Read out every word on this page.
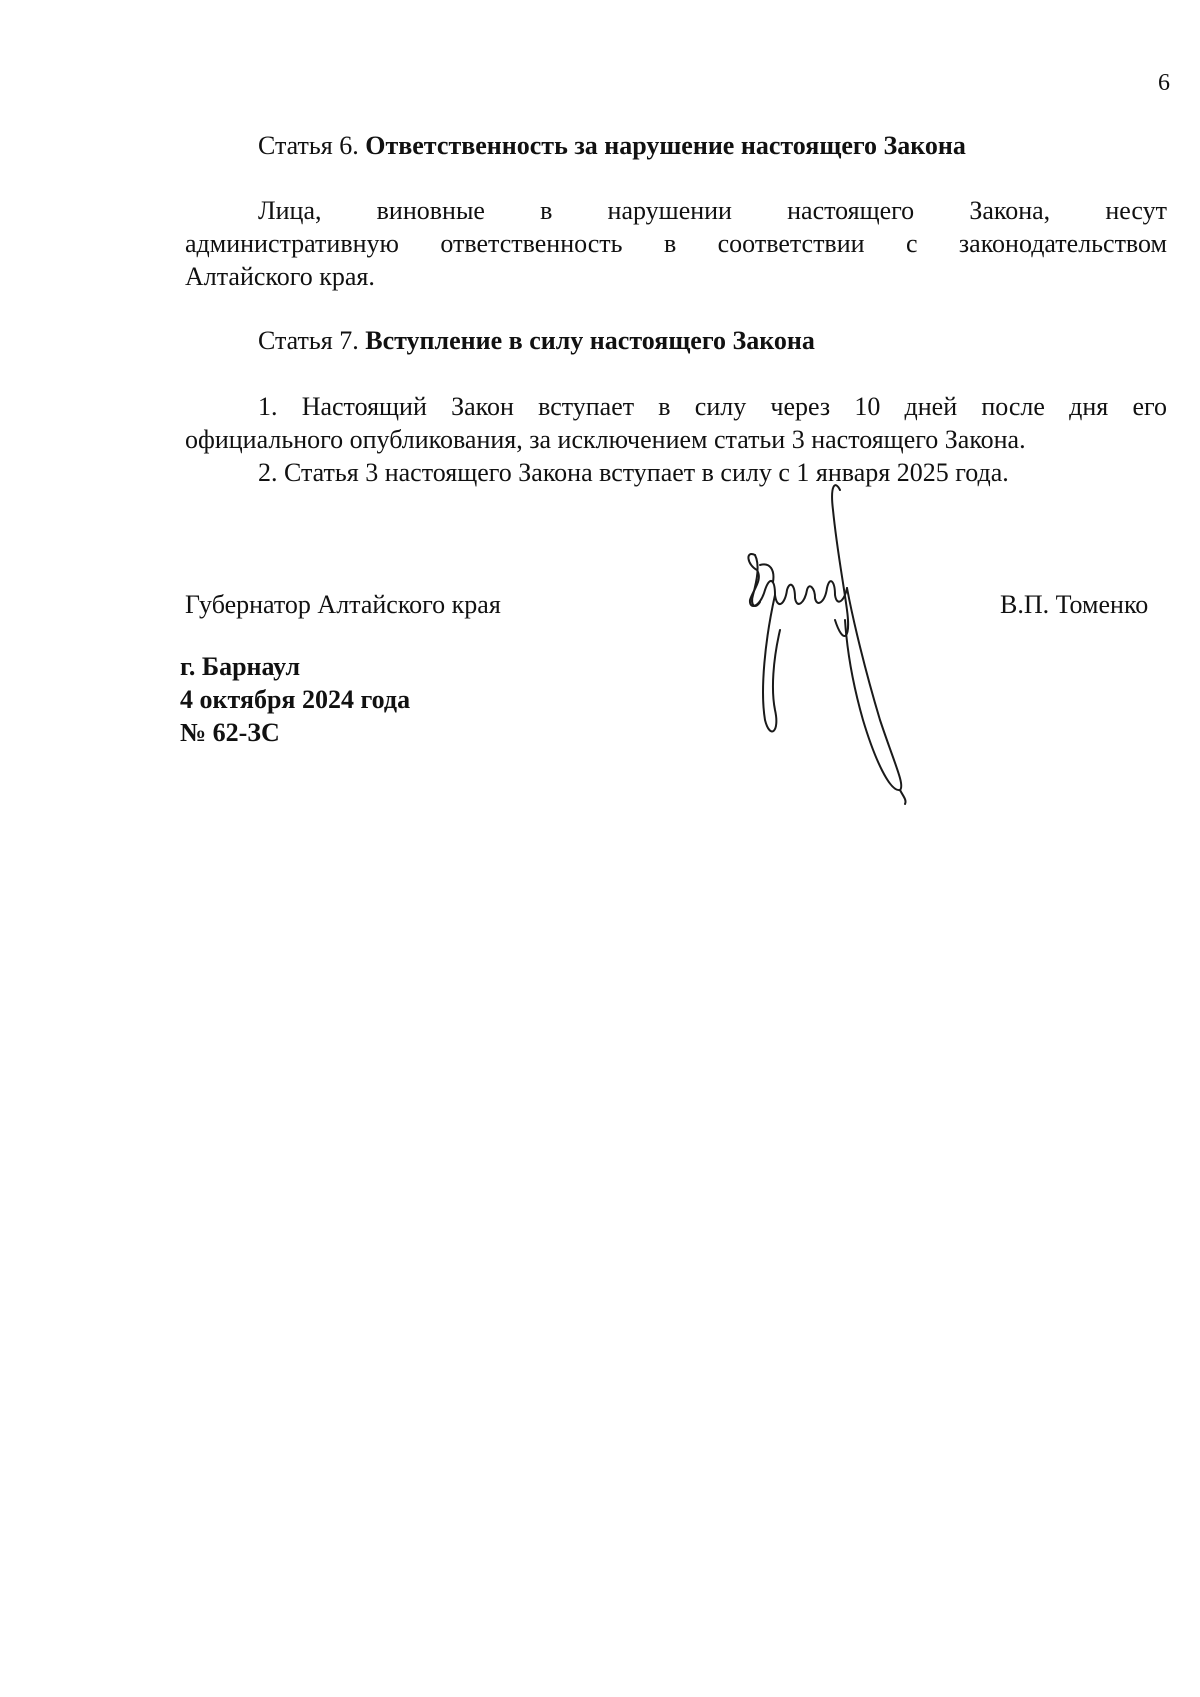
6
Статья 6. Ответственность за нарушение настоящего Закона
Лица, виновные в нарушении настоящего Закона, несут
административную ответственность в соответствии с законодательством
Алтайского края.
Статья 7. Вступление в силу настоящего Закона
1. Настоящий Закон вступает в силу через 10 дней после дня его
официального опубликования, за исключением статьи 3 настоящего Закона.
2. Статья 3 настоящего Закона вступает в силу с 1 января 2025 года.
Губернатор Алтайского края	В.П. Томенко
г. Барнаул
4 октября 2024 года
№ 62-ЗС
